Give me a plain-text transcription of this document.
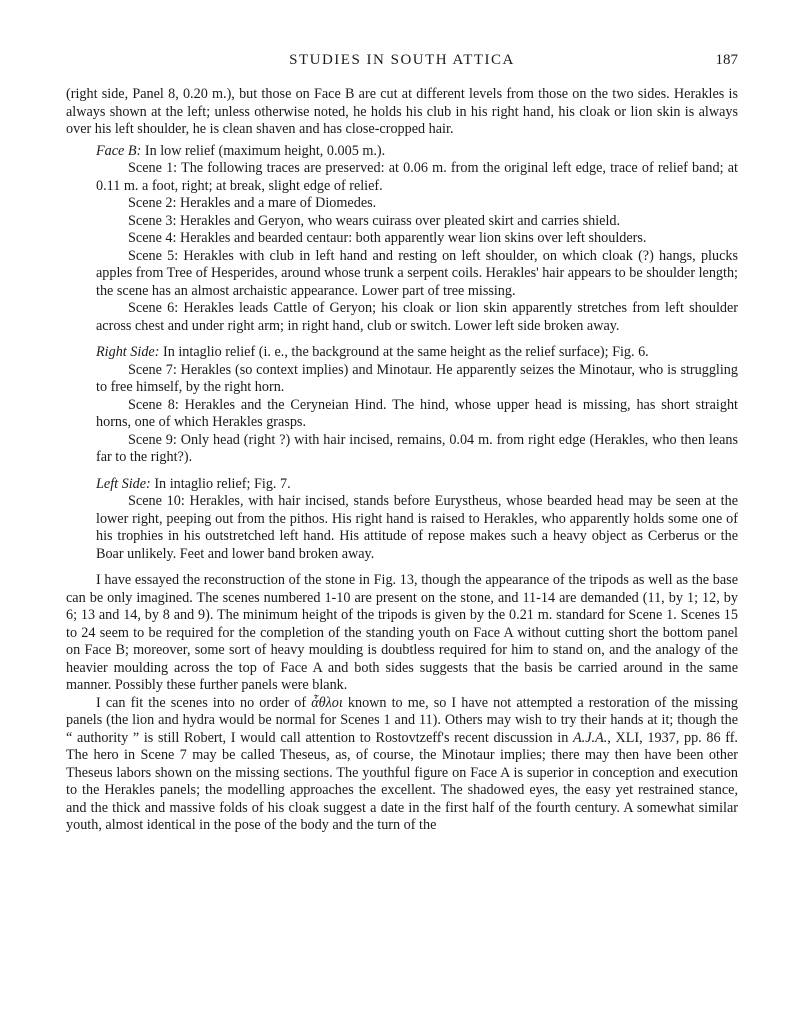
STUDIES IN SOUTH ATTICA	187

(right side, Panel 8, 0.20 m.), but those on Face B are cut at different levels from those on the two sides. Herakles is always shown at the left; unless otherwise noted, he holds his club in his right hand, his cloak or lion skin is always over his left shoulder, he is clean shaven and has close-cropped hair.

Face B: In low relief (maximum height, 0.005 m.).

Scene 1: The following traces are preserved: at 0.06 m. from the original left edge, trace of relief band; at 0.11 m. a foot, right; at break, slight edge of relief.

Scene 2: Herakles and a mare of Diomedes.

Scene 3: Herakles and Geryon, who wears cuirass over pleated skirt and carries shield.

Scene 4: Herakles and bearded centaur: both apparently wear lion skins over left shoulders.

Scene 5: Herakles with club in left hand and resting on left shoulder, on which cloak (?) hangs, plucks apples from Tree of Hesperides, around whose trunk a serpent coils. Herakles' hair appears to be shoulder length; the scene has an almost archaistic appearance. Lower part of tree missing.

Scene 6: Herakles leads Cattle of Geryon; his cloak or lion skin apparently stretches from left shoulder across chest and under right arm; in right hand, club or switch. Lower left side broken away.

Right Side: In intaglio relief (i. e., the background at the same height as the relief surface); Fig. 6.

Scene 7: Herakles (so context implies) and Minotaur. He apparently seizes the Minotaur, who is struggling to free himself, by the right horn.

Scene 8: Herakles and the Ceryneian Hind. The hind, whose upper head is missing, has short straight horns, one of which Herakles grasps.

Scene 9: Only head (right ?) with hair incised, remains, 0.04 m. from right edge (Herakles, who then leans far to the right?).

Left Side: In intaglio relief; Fig. 7.

Scene 10: Herakles, with hair incised, stands before Eurystheus, whose bearded head may be seen at the lower right, peeping out from the pithos. His right hand is raised to Herakles, who apparently holds some one of his trophies in his outstretched left hand. His attitude of repose makes such a heavy object as Cerberus or the Boar unlikely. Feet and lower band broken away.

I have essayed the reconstruction of the stone in Fig. 13, though the appearance of the tripods as well as the base can be only imagined. The scenes numbered 1-10 are present on the stone, and 11-14 are demanded (11, by 1; 12, by 6; 13 and 14, by 8 and 9). The minimum height of the tripods is given by the 0.21 m. standard for Scene 1. Scenes 15 to 24 seem to be required for the completion of the standing youth on Face A without cutting short the bottom panel on Face B; moreover, some sort of heavy moulding is doubtless required for him to stand on, and the analogy of the heavier moulding across the top of Face A and both sides suggests that the basis be carried around in the same manner. Possibly these further panels were blank.

I can fit the scenes into no order of ἆθλοι known to me, so I have not attempted a restoration of the missing panels (the lion and hydra would be normal for Scenes 1 and 11). Others may wish to try their hands at it; though the “ authority ” is still Robert, I would call attention to Rostovtzeff's recent discussion in A.J.A., XLI, 1937, pp. 86 ff. The hero in Scene 7 may be called Theseus, as, of course, the Minotaur implies; there may then have been other Theseus labors shown on the missing sections. The youthful figure on Face A is superior in conception and execution to the Herakles panels; the modelling approaches the excellent. The shadowed eyes, the easy yet restrained stance, and the thick and massive folds of his cloak suggest a date in the first half of the fourth century. A somewhat similar youth, almost identical in the pose of the body and the turn of the
